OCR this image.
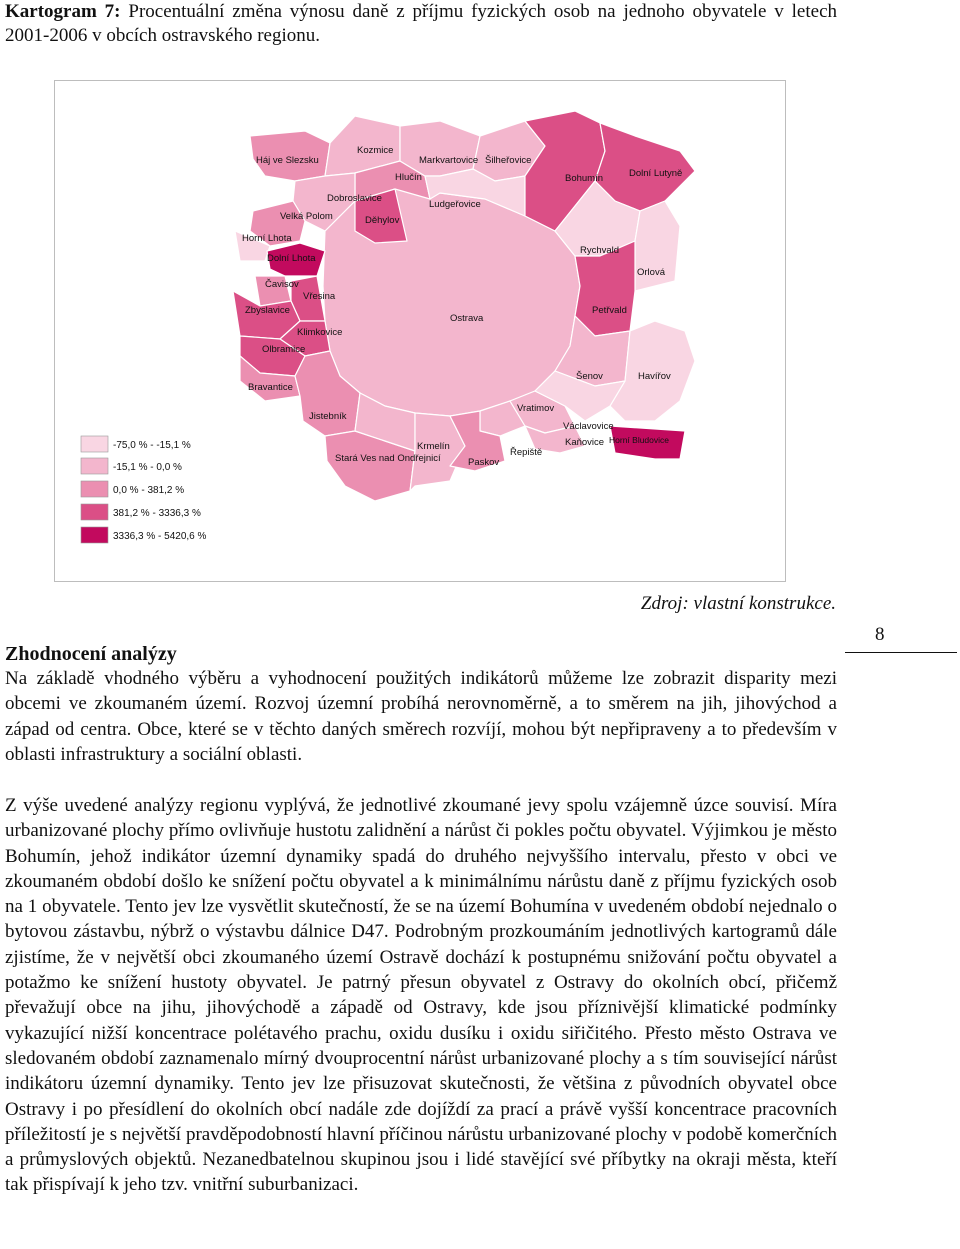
Kartogram 7: Procentuální změna výnosu daně z příjmu fyzických osob na jednoho obyvatele v letech 2001-2006 v obcích ostravského regionu.
Háj ve Slezsku
Kozmice
Markvartovice Šilheřovice
Bohumín	Dolní Lutyně
Hlučín
Dobroslavice
Ludgeřovice
Velká Polom	Děhylov
Horní Lhota
Dolní Lhota
Rychvald
Orlová
Čavisov
Vřesina
Zbyslavice	Petřvald
Ostrava
Klimkovice
Olbramice
Šenov	Havířov
Bravantice
Jistebník
Vratimov
Václavovice
Kaňovice Horní Bludovice
Krmelín
Stará Ves nad Ondřejnicí	Paskov
Řepiště
-75,0 % - -15,1 %
-15,1 % - 0,0 %
0,0 % - 381,2 %
381,2 % - 3336,3 %
3336,3 % - 5420,6 %
Zdroj: vlastní konstrukce.
Zhodnocení analýzy
Na základě vhodného výběru a vyhodnocení použitých indikátorů můžeme lze zobrazit disparity mezi obcemi ve zkoumaném území. Rozvoj územní probíhá nerovnoměrně, a to směrem na jih, jihovýchod a západ od centra. Obce, které se v těchto daných směrech rozvíjí, mohou být nepřipraveny a to především v oblasti infrastruktury a sociální oblasti.
8
Z výše uvedené analýzy regionu vyplývá, že jednotlivé zkoumané jevy spolu vzájemně úzce souvisí. Míra urbanizované plochy přímo ovlivňuje hustotu zalidnění a nárůst či pokles počtu obyvatel. Výjimkou je město Bohumín, jehož indikátor územní dynamiky spadá do druhého nejvyššího intervalu, přesto v obci ve zkoumaném období došlo ke snížení počtu obyvatel a k minimálnímu nárůstu daně z příjmu fyzických osob na 1 obyvatele. Tento jev lze vysvětlit skutečností, že se na území Bohumína v uvedeném období nejednalo o bytovou zástavbu, nýbrž o výstavbu dálnice D47. Podrobným prozkoumáním jednotlivých kartogramů dále zjistíme, že v největší obci zkoumaného území Ostravě dochází k postupnému snižování počtu obyvatel a potažmo ke snížení hustoty obyvatel. Je patrný přesun obyvatel z Ostravy do okolních obcí, přičemž převažují obce na jihu, jihovýchodě a západě od Ostravy, kde jsou příznivější klimatické podmínky vykazující nižší koncentrace polétavého prachu, oxidu dusíku i oxidu siřičitého. Přesto město Ostrava ve sledovaném období zaznamenalo mírný dvouprocentní nárůst urbanizované plochy a s tím související nárůst indikátoru územní dynamiky. Tento jev lze přisuzovat skutečnosti, že většina z původních obyvatel obce Ostravy i po přesídlení do okolních obcí nadále zde dojíždí za prací a právě vyšší koncentrace pracovních příležitostí je s největší pravděpodobností hlavní příčinou nárůstu urbanizované plochy v podobě komerčních a průmyslových objektů. Nezanedbatelnou skupinou jsou i lidé stavějící své příbytky na okraji města, kteří tak přispívají k jeho tzv. vnitřní suburbanizaci.
